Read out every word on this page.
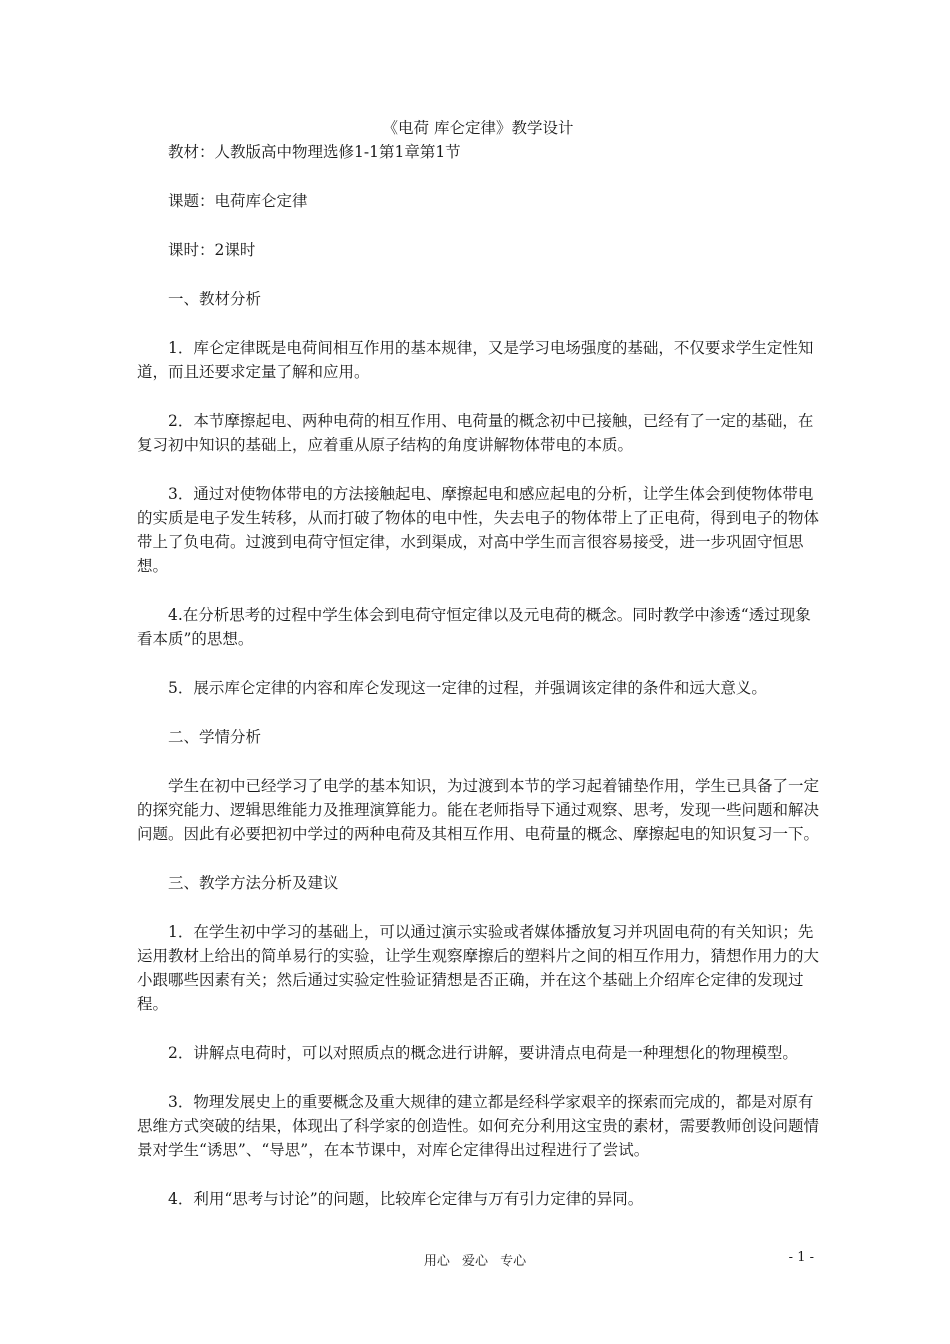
《电荷 库仑定律》教学设计

教材：人教版高中物理选修1-1第1章第1节

课题：电荷库仑定律

课时：2课时

一、教材分析

1．库仑定律既是电荷间相互作用的基本规律，又是学习电场强度的基础，不仅要求学生定性知道，而且还要求定量了解和应用。

2．本节摩擦起电、两种电荷的相互作用、电荷量的概念初中已接触，已经有了一定的基础，在复习初中知识的基础上，应着重从原子结构的角度讲解物体带电的本质。

3．通过对使物体带电的方法接触起电、摩擦起电和感应起电的分析，让学生体会到使物体带电的实质是电子发生转移，从而打破了物体的电中性，失去电子的物体带上了正电荷，得到电子的物体带上了负电荷。过渡到电荷守恒定律，水到渠成，对高中学生而言很容易接受，进一步巩固守恒思想。

4.在分析思考的过程中学生体会到电荷守恒定律以及元电荷的概念。同时教学中渗透“透过现象看本质”的思想。

5．展示库仑定律的内容和库仑发现这一定律的过程，并强调该定律的条件和远大意义。

二、学情分析

学生在初中已经学习了电学的基本知识，为过渡到本节的学习起着铺垫作用，学生已具备了一定的探究能力、逻辑思维能力及推理演算能力。能在老师指导下通过观察、思考，发现一些问题和解决问题。因此有必要把初中学过的两种电荷及其相互作用、电荷量的概念、摩擦起电的知识复习一下。

三、教学方法分析及建议

1．在学生初中学习的基础上，可以通过演示实验或者媒体播放复习并巩固电荷的有关知识；先运用教材上给出的简单易行的实验，让学生观察摩擦后的塑料片之间的相互作用力，猜想作用力的大小跟哪些因素有关；然后通过实验定性验证猜想是否正确，并在这个基础上介绍库仑定律的发现过程。

2．讲解点电荷时，可以对照质点的概念进行讲解，要讲清点电荷是一种理想化的物理模型。

3．物理发展史上的重要概念及重大规律的建立都是经科学家艰辛的探索而完成的，都是对原有思维方式突破的结果，体现出了科学家的创造性。如何充分利用这宝贵的素材，需要教师创设问题情景对学生“诱思”、“导思”，在本节课中，对库仑定律得出过程进行了尝试。

4．利用“思考与讨论”的问题，比较库仑定律与万有引力定律的异同。

用心 爱心 专心	- 1 -
